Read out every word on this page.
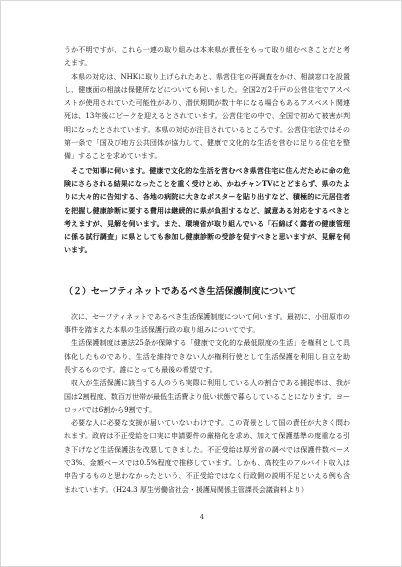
うか不明ですが、これら一連の取り組みは本来県が責任をもって取り組むべきことだと考えます。

本県の対応は、NHKに取り上げられたあと、県営住宅の再調査をかけ、相談窓口を設置し、健康面の相談は保健所などについても伺いました。全国2万2千戸の公営住宅でアスベストが使用されていた可能性があり、潜伏期間が数十年になる場合もあるアスベスト関連死は、13年後にピークを迎えるとされています。公営住宅の中で、全国で初めて被害が判明になったとされています。本県の対応が注目されているところです。公営住宅法ではその第一条で「国及び地方公共団体が協力して、健康で文化的な生活を営むに足りる住宅を整備」することを求めています。

そこで知事に伺います。健康で文化的な生活を営むべき県営住宅に住んだために命の危険にさらされる結果になったことを重く受けとめ、かねチャンTVにとどまらず、県のたよりに大々的に告知する、各地の病院に大きなポスターを貼り出すなど、積極的に元居住者を把握し健康診断に要する費用は継続的に県が負担するなど、誠意ある対応をするべきと考えますが、見解を伺います。また、環境省が取り組んでいる「石綿ばく露者の健康管理に係る試行調査」に県としても参加し健康診断の受診を促すべきと思いますが、見解を伺います。

（２）セーフティネットであるべき生活保護制度について

次に、セーフティネットであるべき生活保護制度について伺います。最初に、小田原市の事件を踏まえた本県の生活保護行政の取り組みについてです。

生活保護制度は憲法25条が保障する「健康で文化的な最低限度の生活」を権利として具体化したものであり、生活を維持できない人が権利行使として生活保護を利用し自立を助長するものです。誰にとっても最後の希望です。

収入が生活保護に該当する人のうち実際に利用している人の割合である捕捉率は、我が国は2割程度、数百万世帯が最低生活費より低い状態で暮らしていることになります。ヨーロッパでは6割から9割です。

必要な人に必要な支援が届いていないわけです。この背景として国の責任が大きく問われます。政府は不正受給を口実に申請要件の厳格化を求め、加えて保護基準の度重なる引き下げなど生活保護法を改悪してきました。不正受給は厚労省の調べでは保護件数ベースで3%、金額ベースでは0.5%程度で推移しています。しかも、高校生のアルバイト収入は申告するものと思わなかったという、不正受給ではなく行政側の説明不足といえる例も含まれています。（H24.3 厚生労働省社会・援護局関係主管課長会議資料より）

4
